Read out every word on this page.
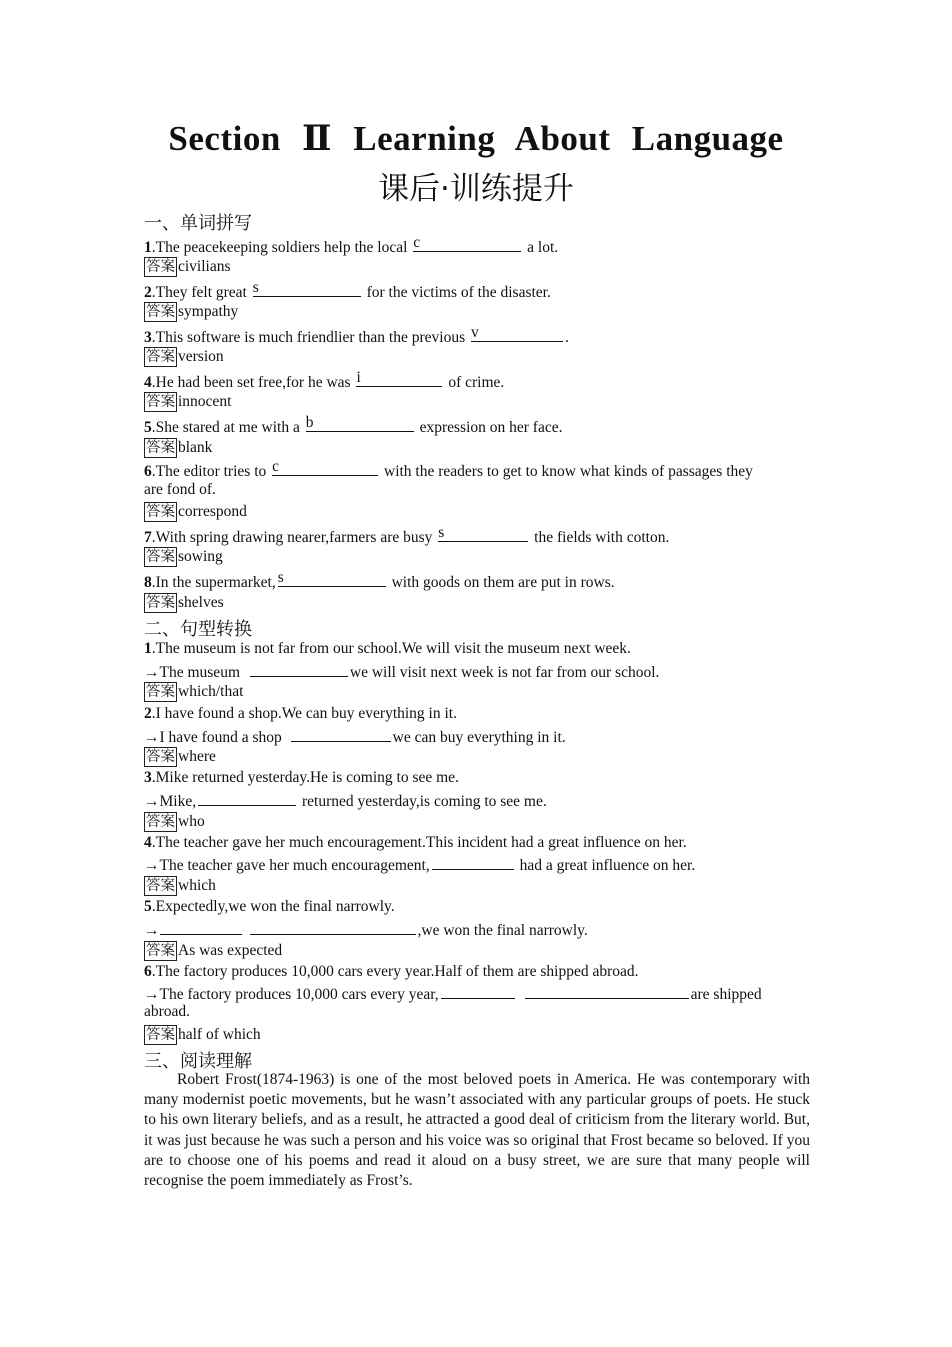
Section Ⅱ Learning About Language
课后·训练提升
一、单词拼写
1.The peacekeeping soldiers help the local c	a lot.
答案 civilians
2.They felt great s	for the victims of the disaster.
答案 sympathy
3.This software is much friendlier than the previous v	.
答案 version
4.He had been set free,for he was i	of crime.
答案 innocent
5.She stared at me with a b	expression on her face.
答案 blank
6.The editor tries to c	with the readers to get to know what kinds of passages they
are fond of.
答案 correspond
7.With spring drawing nearer,farmers are busy s	the fields with cotton.
答案 sowing
8.In the supermarket, s	with goods on them are put in rows.
答案 shelves
二、句型转换
1.The museum is not far from our school.We will visit the museum next week.
→The museum	we will visit next week is not far from our school.
答案 which/that
2.I have found a shop.We can buy everything in it.
→I have found a shop	we can buy everything in it.
答案 where
3.Mike returned yesterday.He is coming to see me.
→Mike,	returned yesterday,is coming to see me.
答案 who
4.The teacher gave her much encouragement.This incident had a great influence on her.
→The teacher gave her much encouragement,	had a great influence on her.
答案 which
5.Expectedly,we won the final narrowly.
→	,we won the final narrowly.
答案 As was expected
6.The factory produces 10,000 cars every year.Half of them are shipped abroad.
→The factory produces 10,000 cars every year,	are shipped
abroad.
答案 half of which
三、阅读理解

Robert Frost(1874-1963) is one of the most beloved poets in America. He was contemporary with many modernist poetic movements, but he wasn’t associated with any particular groups of poets. He stuck to his own literary beliefs, and as a result, he attracted a good deal of criticism from the literary world. But, it was just because he was such a person and his voice was so original that Frost became so beloved. If you are to choose one of his poems and read it aloud on a busy street, we are sure that many people will recognise the poem immediately as Frost’s.
